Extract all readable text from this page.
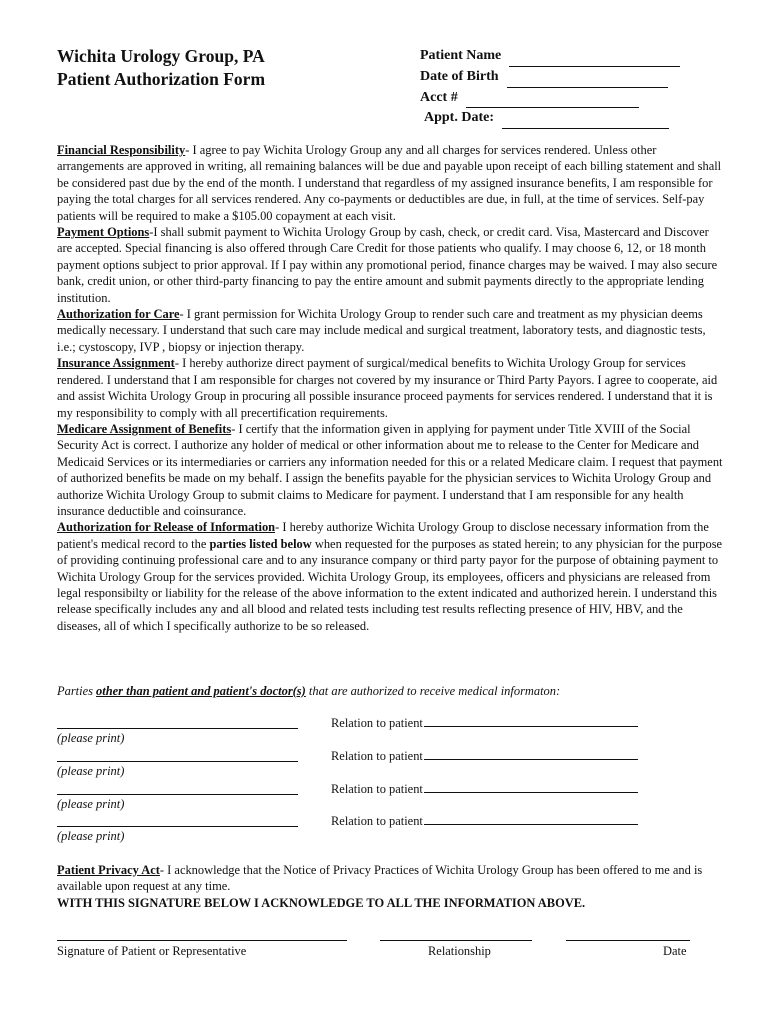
Wichita Urology Group, PA
Patient Authorization Form
Patient Name
Date of Birth
Acct #
Appt. Date:

Financial Responsibility- I agree to pay Wichita Urology Group any and all charges for services rendered. Unless other arrangements are approved in writing, all remaining balances will be due and payable upon receipt of each billing statement and shall be considered past due by the end of the month. I understand that regardless of my assigned insurance benefits, I am responsible for paying the total charges for all services rendered. Any co-payments or deductibles are due, in full, at the time of services. Self-pay patients will be required to make a $105.00 copayment at each visit.

Payment Options-I shall submit payment to Wichita Urology Group by cash, check, or credit card. Visa, Mastercard and Discover are accepted. Special financing is also offered through Care Credit for those patients who qualify. I may choose 6, 12, or 18 month payment options subject to prior approval. If I pay within any promotional period, finance charges may be waived. I may also secure bank, credit union, or other third-party financing to pay the entire amount and submit payments directly to the appropriate lending institution.

Authorization for Care- I grant permission for Wichita Urology Group to render such care and treatment as my physician deems medically necessary. I understand that such care may include medical and surgical treatment, laboratory tests, and diagnostic tests, i.e.; cystoscopy, IVP , biopsy or injection therapy.

Insurance Assignment- I hereby authorize direct payment of surgical/medical benefits to Wichita Urology Group for services rendered. I understand that I am responsible for charges not covered by my insurance or Third Party Payors. I agree to cooperate, aid and assist Wichita Urology Group in procuring all possible insurance proceed payments for services rendered. I understand that it is my responsibility to comply with all precertification requirements.

Medicare Assignment of Benefits- I certify that the information given in applying for payment under Title XVIII of the Social Security Act is correct. I authorize any holder of medical or other information about me to release to the Center for Medicare and Medicaid Services or its intermediaries or carriers any information needed for this or a related Medicare claim. I request that payment of authorized benefits be made on my behalf. I assign the benefits payable for the physician services to Wichita Urology Group and authorize Wichita Urology Group to submit claims to Medicare for payment. I understand that I am responsible for any health insurance deductible and coinsurance.

Authorization for Release of Information- I hereby authorize Wichita Urology Group to disclose necessary information from the patient's medical record to the parties listed below when requested for the purposes as stated herein; to any physician for the purpose of providing continuing professional care and to any insurance company or third party payor for the purpose of obtaining payment to Wichita Urology Group for the services provided. Wichita Urology Group, its employees, officers and physicians are released from legal responsibilty or liability for the release of the above information to the extent indicated and authorized herein. I understand this release specifically includes any and all blood and related tests including test results reflecting presence of HIV, HBV, and the diseases, all of which I specifically authorize to be so released.

Parties other than patient and patient's doctor(s) that are authorized to receive medical informaton:
(please print)
Relation to patient
(please print)
Relation to patient
(please print)
Relation to patient
(please print)
Relation to patient
Patient Privacy Act- I acknowledge that the Notice of Privacy Practices of Wichita Urology Group has been offered to me and is available upon request at any time.
WITH THIS SIGNATURE BELOW I ACKNOWLEDGE TO ALL THE INFORMATION ABOVE.
Signature of Patient or Representative	Relationship	Date
